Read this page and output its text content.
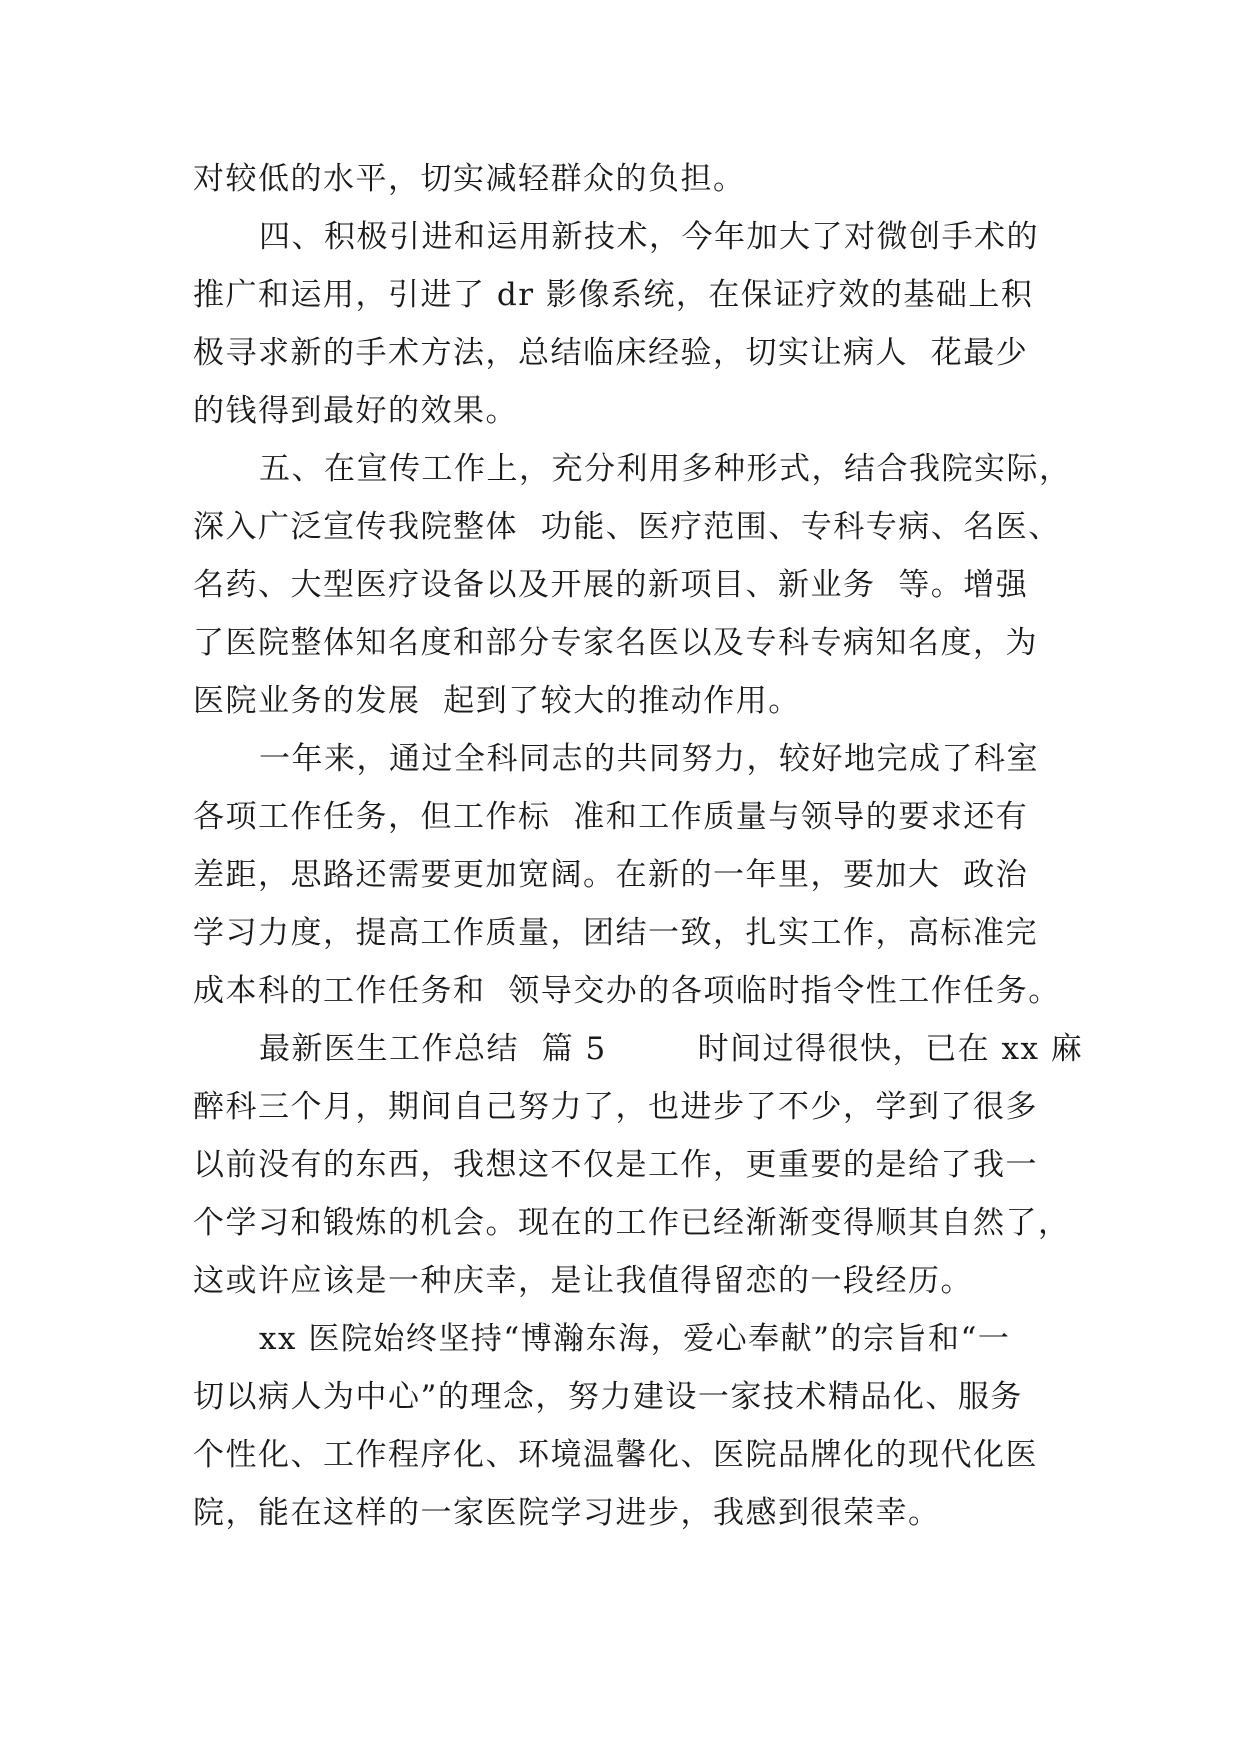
对较低的水平，切实减轻群众的负担。
四、积极引进和运用新技术，今年加大了对微创手术的
推广和运用，引进了 dr 影像系统，在保证疗效的基础上积
极寻求新的手术方法，总结临床经验，切实让病人  花最少
的钱得到最好的效果。
五、在宣传工作上，充分利用多种形式，结合我院实际，
深入广泛宣传我院整体  功能、医疗范围、专科专病、名医、
名药、大型医疗设备以及开展的新项目、新业务  等。增强
了医院整体知名度和部分专家名医以及专科专病知名度，为
医院业务的发展  起到了较大的推动作用。
一年来，通过全科同志的共同努力，较好地完成了科室
各项工作任务，但工作标  准和工作质量与领导的要求还有
差距，思路还需要更加宽阔。在新的一年里，要加大  政治
学习力度，提高工作质量，团结一致，扎实工作，高标准完
成本科的工作任务和  领导交办的各项临时指令性工作任务。
最新医生工作总结  篇 5        时间过得很快，已在 xx 麻
醉科三个月，期间自己努力了，也进步了不少，学到了很多
以前没有的东西，我想这不仅是工作，更重要的是给了我一
个学习和锻炼的机会。现在的工作已经渐渐变得顺其自然了，
这或许应该是一种庆幸，是让我值得留恋的一段经历。
xx 医院始终坚持“博瀚东海，爱心奉献”的宗旨和“一
切以病人为中心”的理念，努力建设一家技术精品化、服务
个性化、工作程序化、环境温馨化、医院品牌化的现代化医
院，能在这样的一家医院学习进步，我感到很荣幸。
